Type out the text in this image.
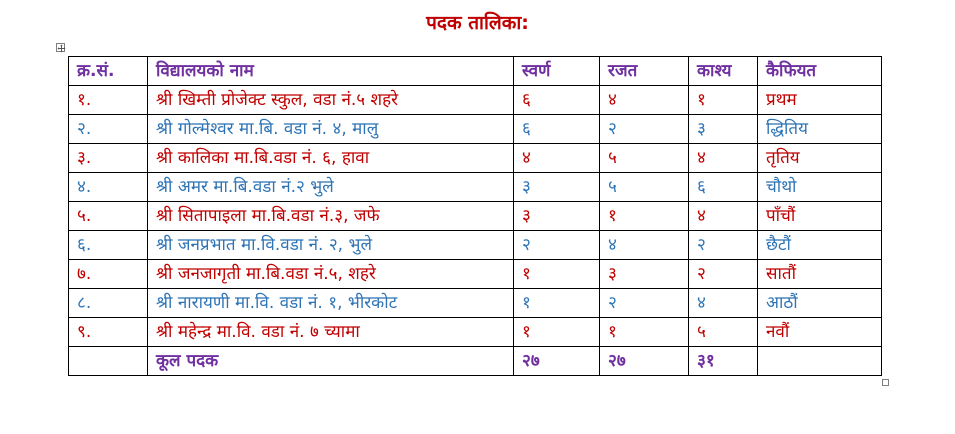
पदक तालिका:
क्र.सं.	विद्यालयको नाम	स्वर्ण	रजत	काश्य	कैफियत
१.	श्री खिम्ती प्रोजेक्ट स्कुल, वडा नं.५ शहरे	६	४	१	प्रथम
२.	श्री गोल्मेश्वर मा.बि. वडा नं. ४, मालु	६	२	३	द्धितिय
३.	श्री कालिका मा.बि.वडा नं. ६, हावा	४	५	४	तृतिय
४.	श्री अमर मा.बि.वडा नं.२ भुले	३	५	६	चौथो
५.	श्री सितापाइला मा.बि.वडा नं.३, जफे	३	१	४	पाँचौं
६.	श्री जनप्रभात मा.वि.वडा नं. २, भुले	२	४	२	छैटौं
७.	श्री जनजागृती मा.बि.वडा नं.५, शहरे	१	३	२	सातौं
८.	श्री नारायणी मा.वि. वडा नं. १, भीरकोट	१	२	४	आठौं
९.	श्री महेन्द्र मा.वि. वडा नं. ७ च्यामा	१	१	५	नवौं
	कूल पदक	२७	२७	३१	
